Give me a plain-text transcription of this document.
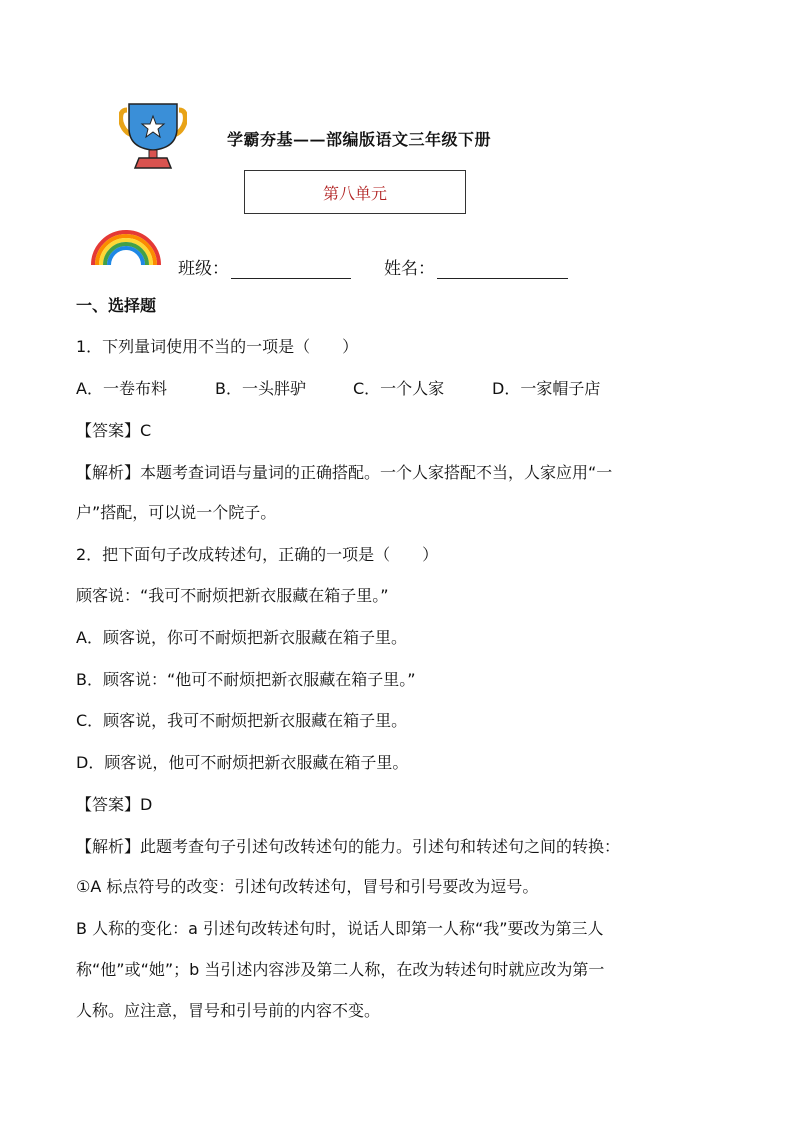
学霸夯基——部编版语文三年级下册
第八单元
班级：	姓名：
一、选择题
1．下列量词使用不当的一项是（　　）
A．一卷布料	B．一头胖驴	C．一个人家	D．一家帽子店
【答案】C
【解析】本题考查词语与量词的正确搭配。一个人家搭配不当，人家应用“一
户”搭配，可以说一个院子。
2．把下面句子改成转述句，正确的一项是（　　）
顾客说：“我可不耐烦把新衣服藏在箱子里。”
A．顾客说，你可不耐烦把新衣服藏在箱子里。
B．顾客说：“他可不耐烦把新衣服藏在箱子里。”
C．顾客说，我可不耐烦把新衣服藏在箱子里。
D．顾客说，他可不耐烦把新衣服藏在箱子里。
【答案】D
【解析】此题考查句子引述句改转述句的能力。引述句和转述句之间的转换：
①A 标点符号的改变：引述句改转述句，冒号和引号要改为逗号。
B 人称的变化：a 引述句改转述句时，说话人即第一人称“我”要改为第三人
称“他”或“她”；b 当引述内容涉及第二人称，在改为转述句时就应改为第一
人称。应注意，冒号和引号前的内容不变。
